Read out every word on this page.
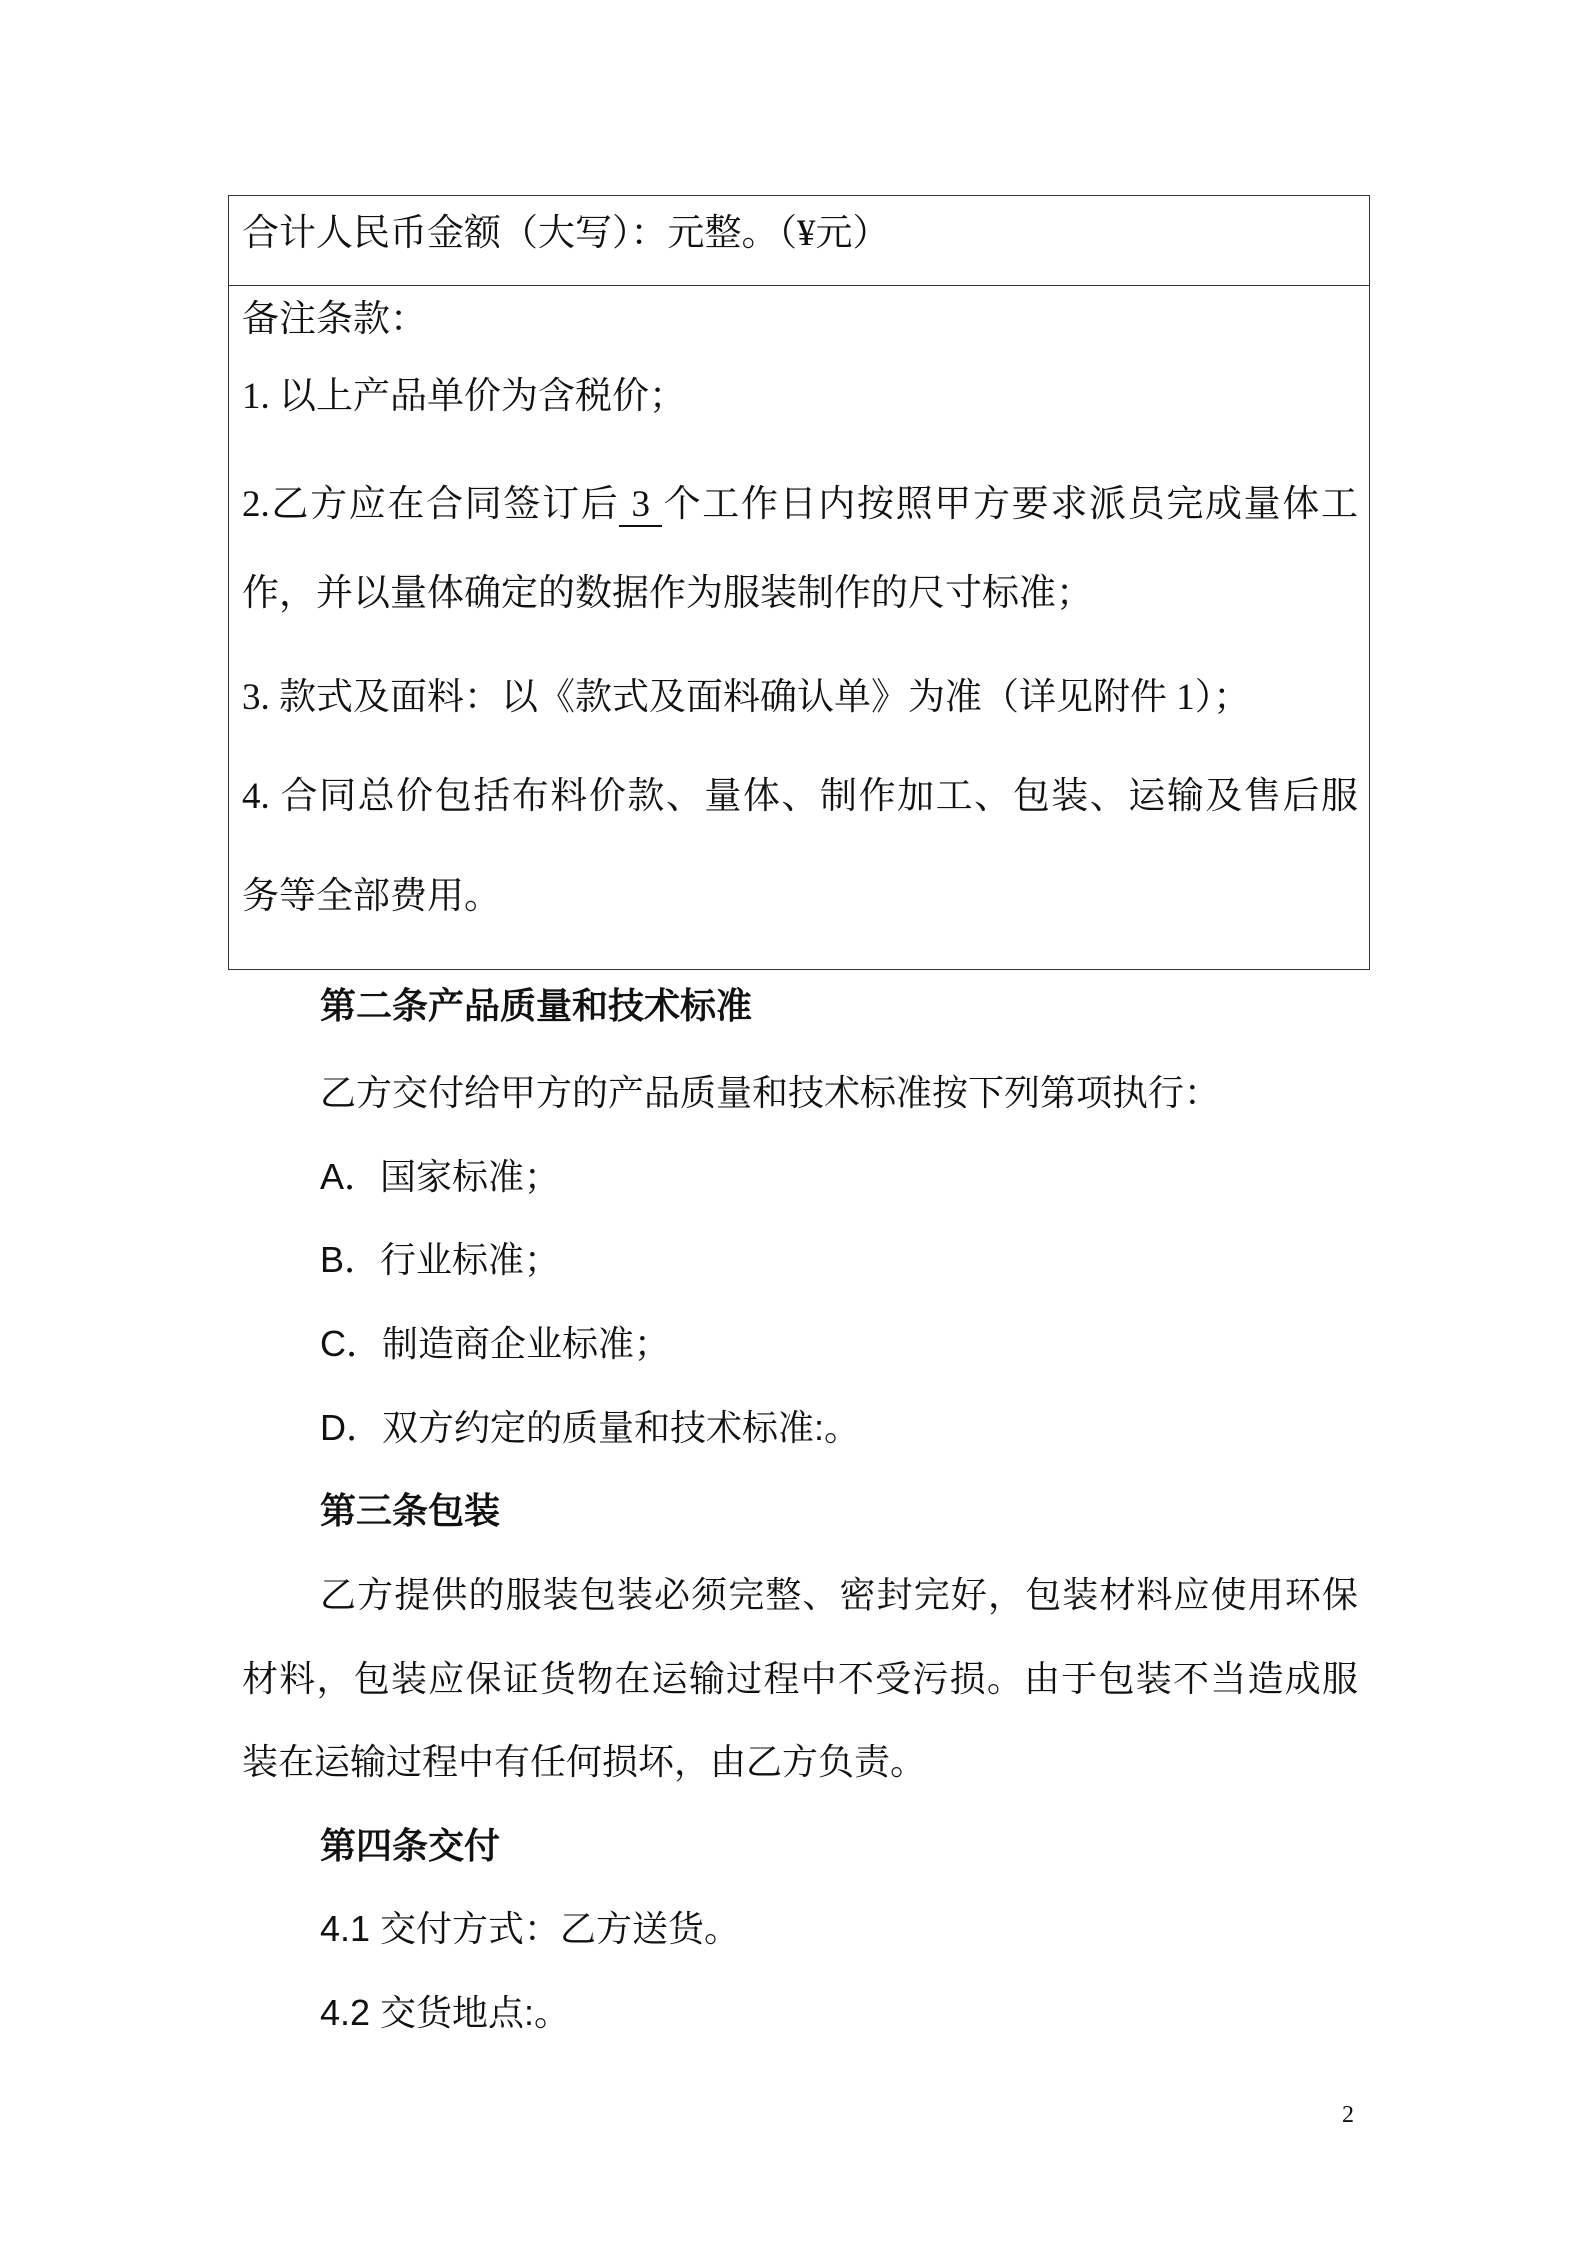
合计人民币金额（大写）：元整。（¥元）
备注条款：
1. 以上产品单价为含税价；
2.乙方应在合同签订后 3 个工作日内按照甲方要求派员完成量体工
作，并以量体确定的数据作为服装制作的尺寸标准；
3. 款式及面料：以《款式及面料确认单》为准（详见附件 1）；
4. 合同总价包括布料价款、量体、制作加工、包装、运输及售后服
务等全部费用。
第二条产品质量和技术标准
乙方交付给甲方的产品质量和技术标准按下列第项执行：
A．国家标准；
B．行业标准；
C．制造商企业标准；
D．双方约定的质量和技术标准:。
第三条包装
乙方提供的服装包装必须完整、密封完好，包装材料应使用环保
材料，包装应保证货物在运输过程中不受污损。由于包装不当造成服
装在运输过程中有任何损坏，由乙方负责。
第四条交付
4.1 交付方式：乙方送货。
4.2 交货地点:。
2
